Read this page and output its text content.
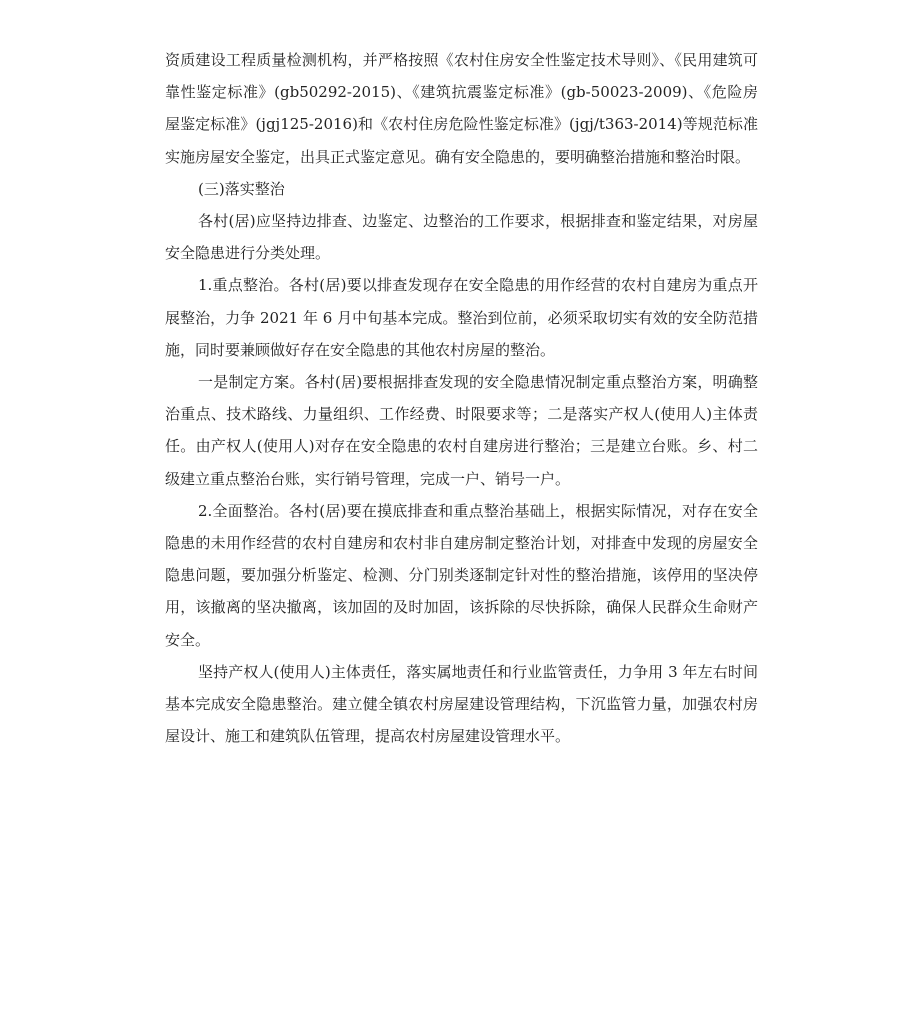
资质建设工程质量检测机构，并严格按照《农村住房安全性鉴定技术导则》、《民用建筑可靠性鉴定标准》(gb50292-2015)、《建筑抗震鉴定标准》(gb-50023-2009)、《危险房屋鉴定标准》(jgj125-2016)和《农村住房危险性鉴定标准》(jgj/t363-2014)等规范标准实施房屋安全鉴定，出具正式鉴定意见。确有安全隐患的，要明确整治措施和整治时限。

(三)落实整治

各村(居)应坚持边排查、边鉴定、边整治的工作要求，根据排查和鉴定结果，对房屋安全隐患进行分类处理。

1.重点整治。各村(居)要以排查发现存在安全隐患的用作经营的农村自建房为重点开展整治，力争 2021 年 6 月中旬基本完成。整治到位前，必须采取切实有效的安全防范措施，同时要兼顾做好存在安全隐患的其他农村房屋的整治。

一是制定方案。各村(居)要根据排查发现的安全隐患情况制定重点整治方案，明确整治重点、技术路线、力量组织、工作经费、时限要求等；二是落实产权人(使用人)主体责任。由产权人(使用人)对存在安全隐患的农村自建房进行整治；三是建立台账。乡、村二级建立重点整治台账，实行销号管理，完成一户、销号一户。

2.全面整治。各村(居)要在摸底排查和重点整治基础上，根据实际情况，对存在安全隐患的未用作经营的农村自建房和农村非自建房制定整治计划，对排查中发现的房屋安全隐患问题，要加强分析鉴定、检测、分门别类逐制定针对性的整治措施，该停用的坚决停用，该撤离的坚决撤离，该加固的及时加固，该拆除的尽快拆除，确保人民群众生命财产安全。

坚持产权人(使用人)主体责任，落实属地责任和行业监管责任，力争用 3 年左右时间基本完成安全隐患整治。建立健全镇农村房屋建设管理结构，下沉监管力量，加强农村房屋设计、施工和建筑队伍管理，提高农村房屋建设管理水平。
